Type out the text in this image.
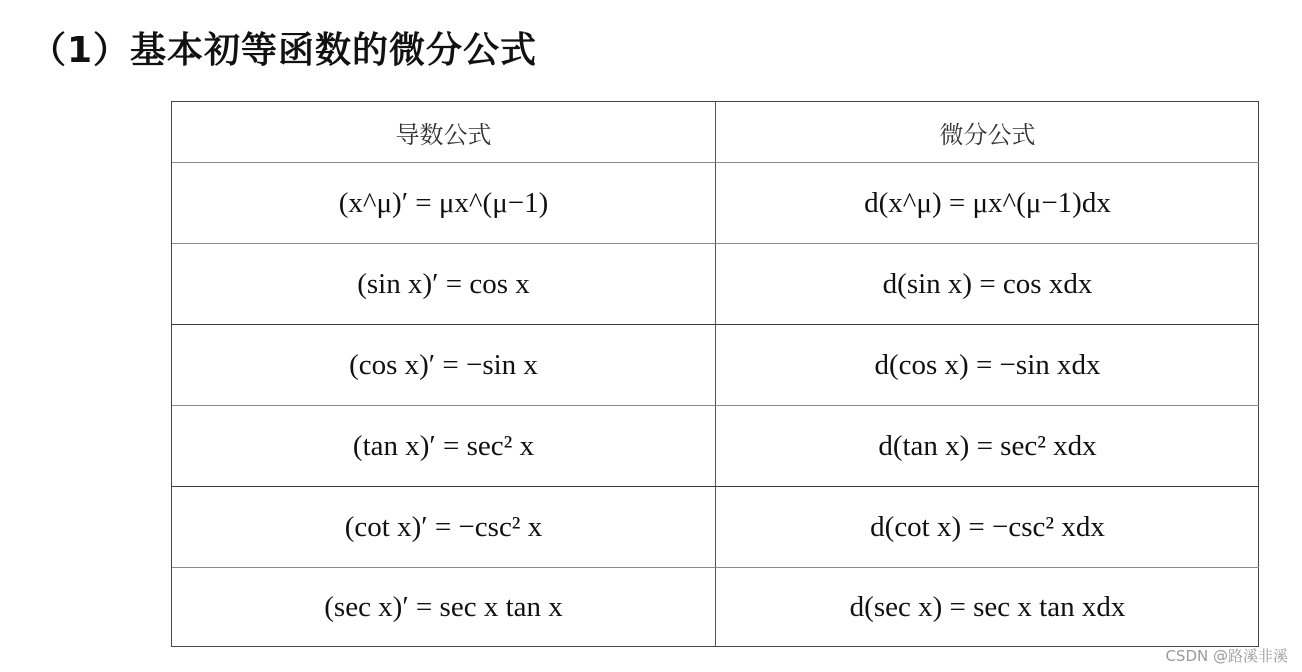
（1）基本初等函数的微分公式
导数公式	微分公式
(x^μ)′ = μx^(μ−1)	d(x^μ) = μx^(μ−1)dx
(sin x)′ = cos x	d(sin x) = cos xdx
(cos x)′ = −sin x	d(cos x) = −sin xdx
(tan x)′ = sec² x	d(tan x) = sec² xdx
(cot x)′ = −csc² x	d(cot x) = −csc² xdx
(sec x)′ = sec x tan x	d(sec x) = sec x tan xdx
CSDN @路溪非溪
